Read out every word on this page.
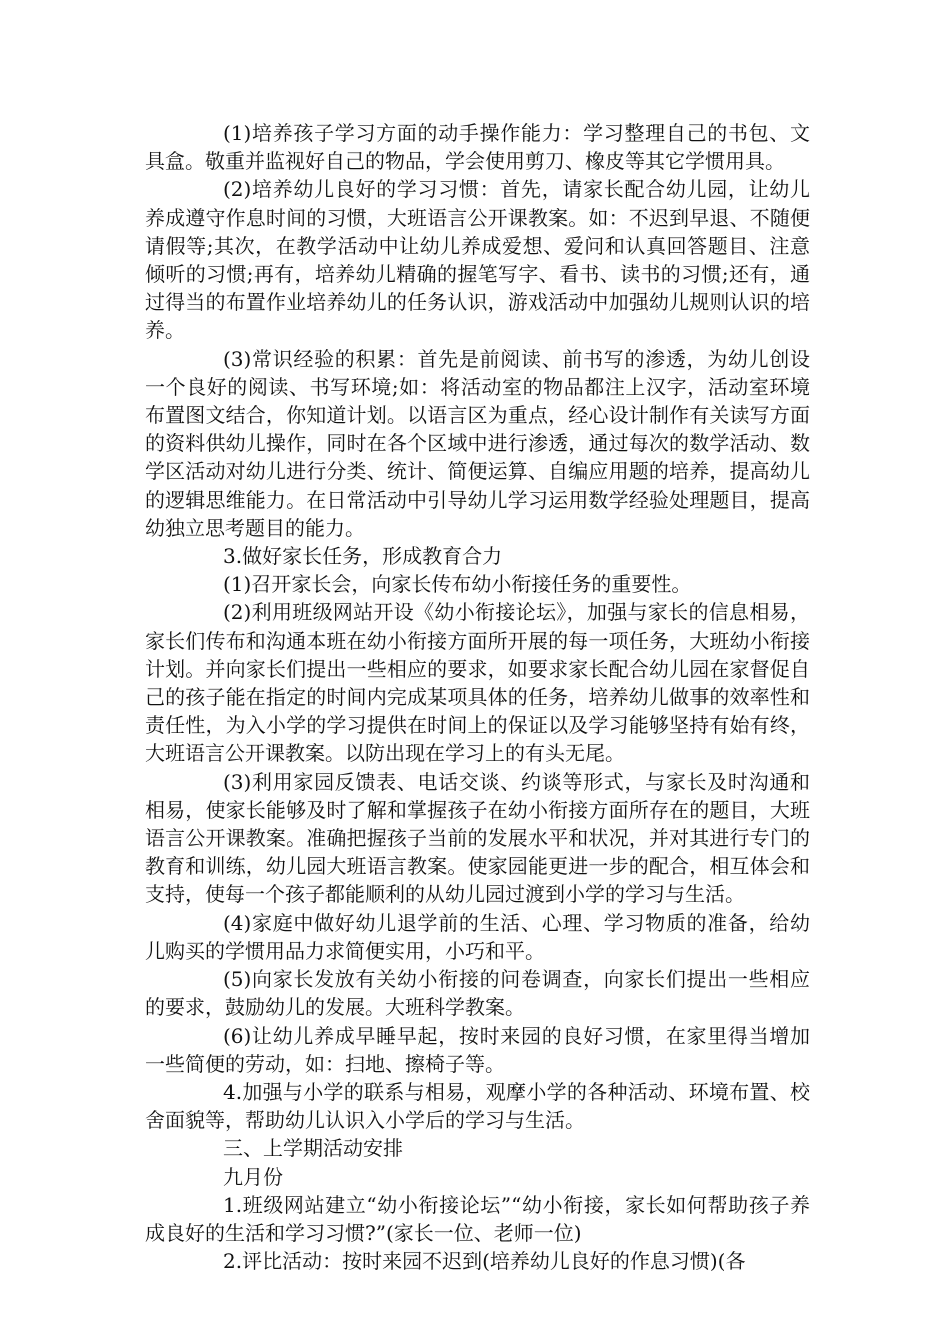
(1)培养孩子学习方面的动手操作能力：学习整理自己的书包、文具盒。敬重并监视好自己的物品，学会使用剪刀、橡皮等其它学惯用具。

(2)培养幼儿良好的学习习惯：首先，请家长配合幼儿园，让幼儿养成遵守作息时间的习惯，大班语言公开课教案。如：不迟到早退、不随便请假等;其次，在教学活动中让幼儿养成爱想、爱问和认真回答题目、注意倾听的习惯;再有，培养幼儿精确的握笔写字、看书、读书的习惯;还有，通过得当的布置作业培养幼儿的任务认识，游戏活动中加强幼儿规则认识的培养。

(3)常识经验的积累：首先是前阅读、前书写的渗透，为幼儿创设一个良好的阅读、书写环境;如：将活动室的物品都注上汉字，活动室环境布置图文结合，你知道计划。以语言区为重点，经心设计制作有关读写方面的资料供幼儿操作，同时在各个区域中进行渗透，通过每次的数学活动、数学区活动对幼儿进行分类、统计、简便运算、自编应用题的培养，提高幼儿的逻辑思维能力。在日常活动中引导幼儿学习运用数学经验处理题目，提高幼独立思考题目的能力。

3.做好家长任务，形成教育合力

(1)召开家长会，向家长传布幼小衔接任务的重要性。

(2)利用班级网站开设《幼小衔接论坛》，加强与家长的信息相易，家长们传布和沟通本班在幼小衔接方面所开展的每一项任务，大班幼小衔接计划。并向家长们提出一些相应的要求，如要求家长配合幼儿园在家督促自己的孩子能在指定的时间内完成某项具体的任务，培养幼儿做事的效率性和责任性，为入小学的学习提供在时间上的保证以及学习能够坚持有始有终，大班语言公开课教案。以防出现在学习上的有头无尾。

(3)利用家园反馈表、电话交谈、约谈等形式，与家长及时沟通和相易，使家长能够及时了解和掌握孩子在幼小衔接方面所存在的题目，大班语言公开课教案。准确把握孩子当前的发展水平和状况，并对其进行专门的教育和训练，幼儿园大班语言教案。使家园能更进一步的配合，相互体会和支持，使每一个孩子都能顺利的从幼儿园过渡到小学的学习与生活。

(4)家庭中做好幼儿退学前的生活、心理、学习物质的准备，给幼儿购买的学惯用品力求简便实用，小巧和平。

(5)向家长发放有关幼小衔接的问卷调查，向家长们提出一些相应的要求，鼓励幼儿的发展。大班科学教案。

(6)让幼儿养成早睡早起，按时来园的良好习惯，在家里得当增加一些简便的劳动，如：扫地、擦椅子等。

4.加强与小学的联系与相易，观摩小学的各种活动、环境布置、校舍面貌等，帮助幼儿认识入小学后的学习与生活。

三、上学期活动安排

九月份

1.班级网站建立“幼小衔接论坛”“幼小衔接，家长如何帮助孩子养成良好的生活和学习习惯?”(家长一位、老师一位)

2.评比活动：按时来园不迟到(培养幼儿良好的作息习惯)(各
